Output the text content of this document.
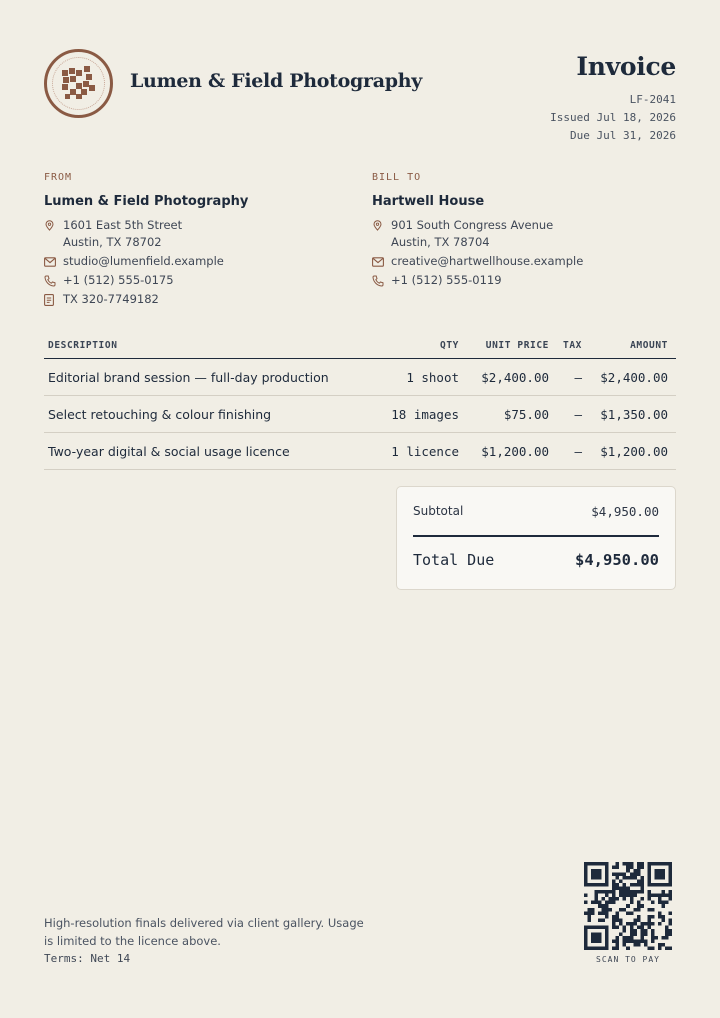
Lumen & Field Photography	Invoice
LF-2041
Issued Jul 18, 2026
Due Jul 31, 2026
FROM
Lumen & Field Photography
1601 East 5th Street
Austin, TX 78702
studio@lumenfield.example
+1 (512) 555-0175
TX 320-7749182
BILL TO
Hartwell House
901 South Congress Avenue
Austin, TX 78704
creative@hartwellhouse.example
+1 (512) 555-0119
DESCRIPTION	QTY	UNIT PRICE	TAX	AMOUNT
Editorial brand session — full-day production	1 shoot	$2,400.00	—	$2,400.00
Select retouching & colour finishing	18 images	$75.00	—	$1,350.00
Two-year digital & social usage licence	1 licence	$1,200.00	—	$1,200.00
Subtotal	$4,950.00
Total Due	$4,950.00
High-resolution finals delivered via client gallery. Usage is limited to the licence above.
Terms: Net 14	SCAN TO PAY
